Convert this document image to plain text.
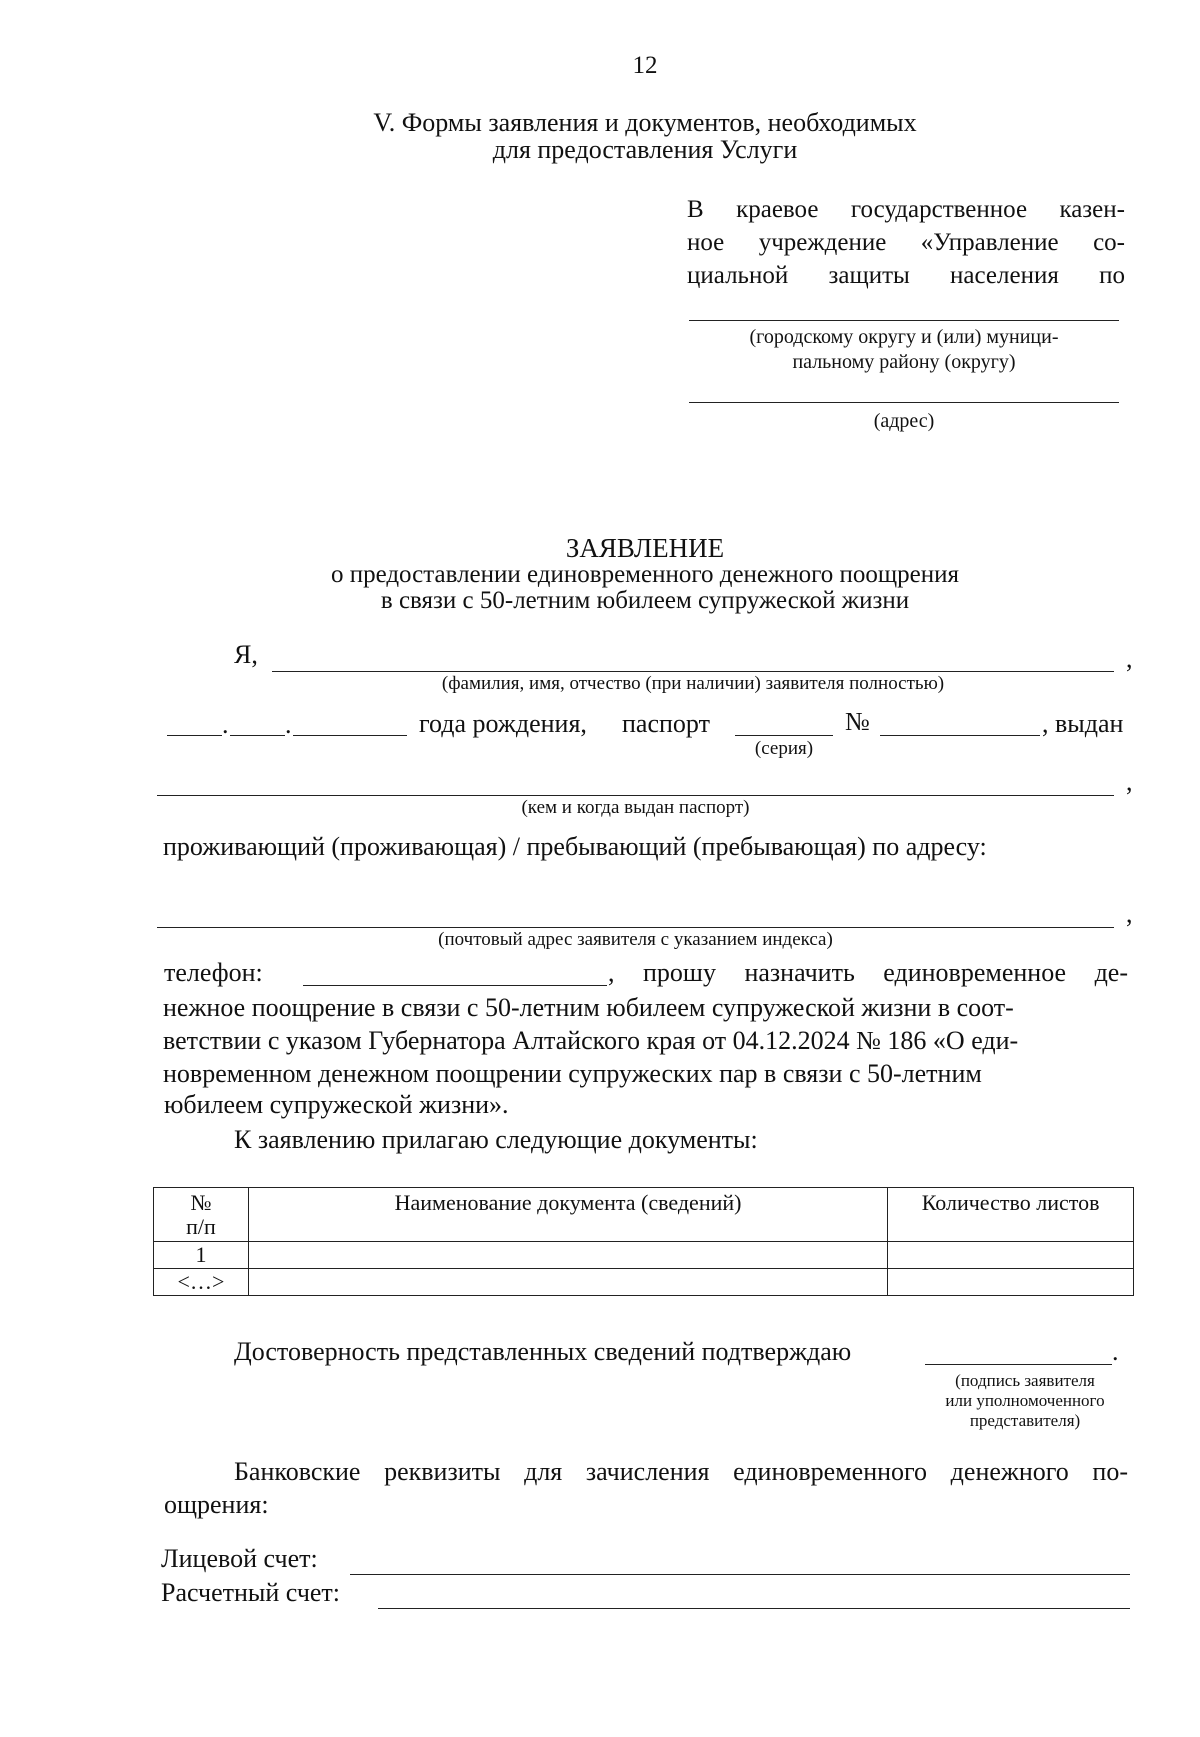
12
V. Формы заявления и документов, необходимых
для предоставления Услуги
В краевое государственное казен-
ное учреждение «Управление со-
циальной защиты населения по
(городскому округу и (или) муници-
пальному району (округу)
(адрес)
ЗАЯВЛЕНИЕ
о предоставлении единовременного денежного поощрения
в связи с 50-летним юбилеем супружеской жизни
Я,	,
(фамилия, имя, отчество (при наличии) заявителя полностью)
. .	года рождения, паспорт	№	, выдан
(серия)
,
(кем и когда выдан паспорт)
проживающий (проживающая) / пребывающий (пребывающая) по адресу:
,
(почтовый адрес заявителя с указанием индекса)
телефон:	, прошу назначить единовременное де-
нежное поощрение в связи с 50-летним юбилеем супружеской жизни в соот-
ветствии с указом Губернатора Алтайского края от 04.12.2024 № 186 «О еди-
новременном денежном поощрении супружеских пар в связи с 50-летним
юбилеем супружеской жизни».
К заявлению прилагаю следующие документы:
№
п/п	Наименование документа (сведений)	Количество листов
1		
<…>		
Достоверность представленных сведений подтверждаю	.
(подпись заявителя
или уполномоченного
представителя)
Банковские реквизиты для зачисления единовременного денежного по-
ощрения:
Лицевой счет:
Расчетный счет:
